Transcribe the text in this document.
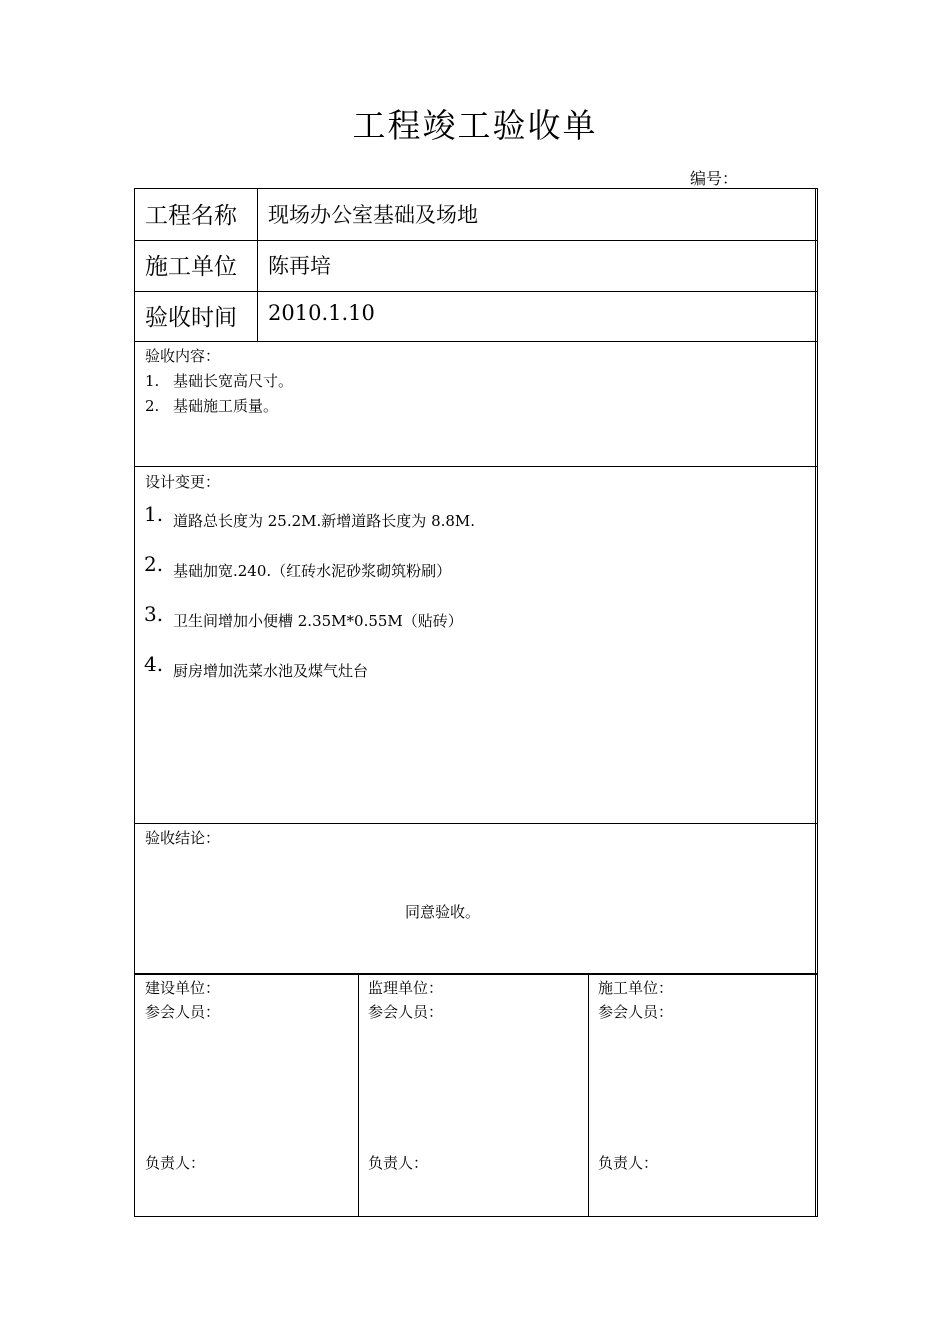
工程竣工验收单
编号：
工程名称 现场办公室基础及场地
施工单位 陈再培
验收时间 2010.1.10
验收内容：
1. 基础长宽高尺寸。
2. 基础施工质量。
设计变更：
1. 道路总长度为 25.2M.新增道路长度为 8.8M.
2. 基础加宽.240.（红砖水泥砂浆砌筑粉刷）
3. 卫生间增加小便槽 2.35M*0.55M（贴砖）
4. 厨房增加洗菜水池及煤气灶台
验收结论：
同意验收。
建设单位：
参会人员：
负责人：
监理单位：
参会人员：
负责人：
施工单位：
参会人员：
负责人：
